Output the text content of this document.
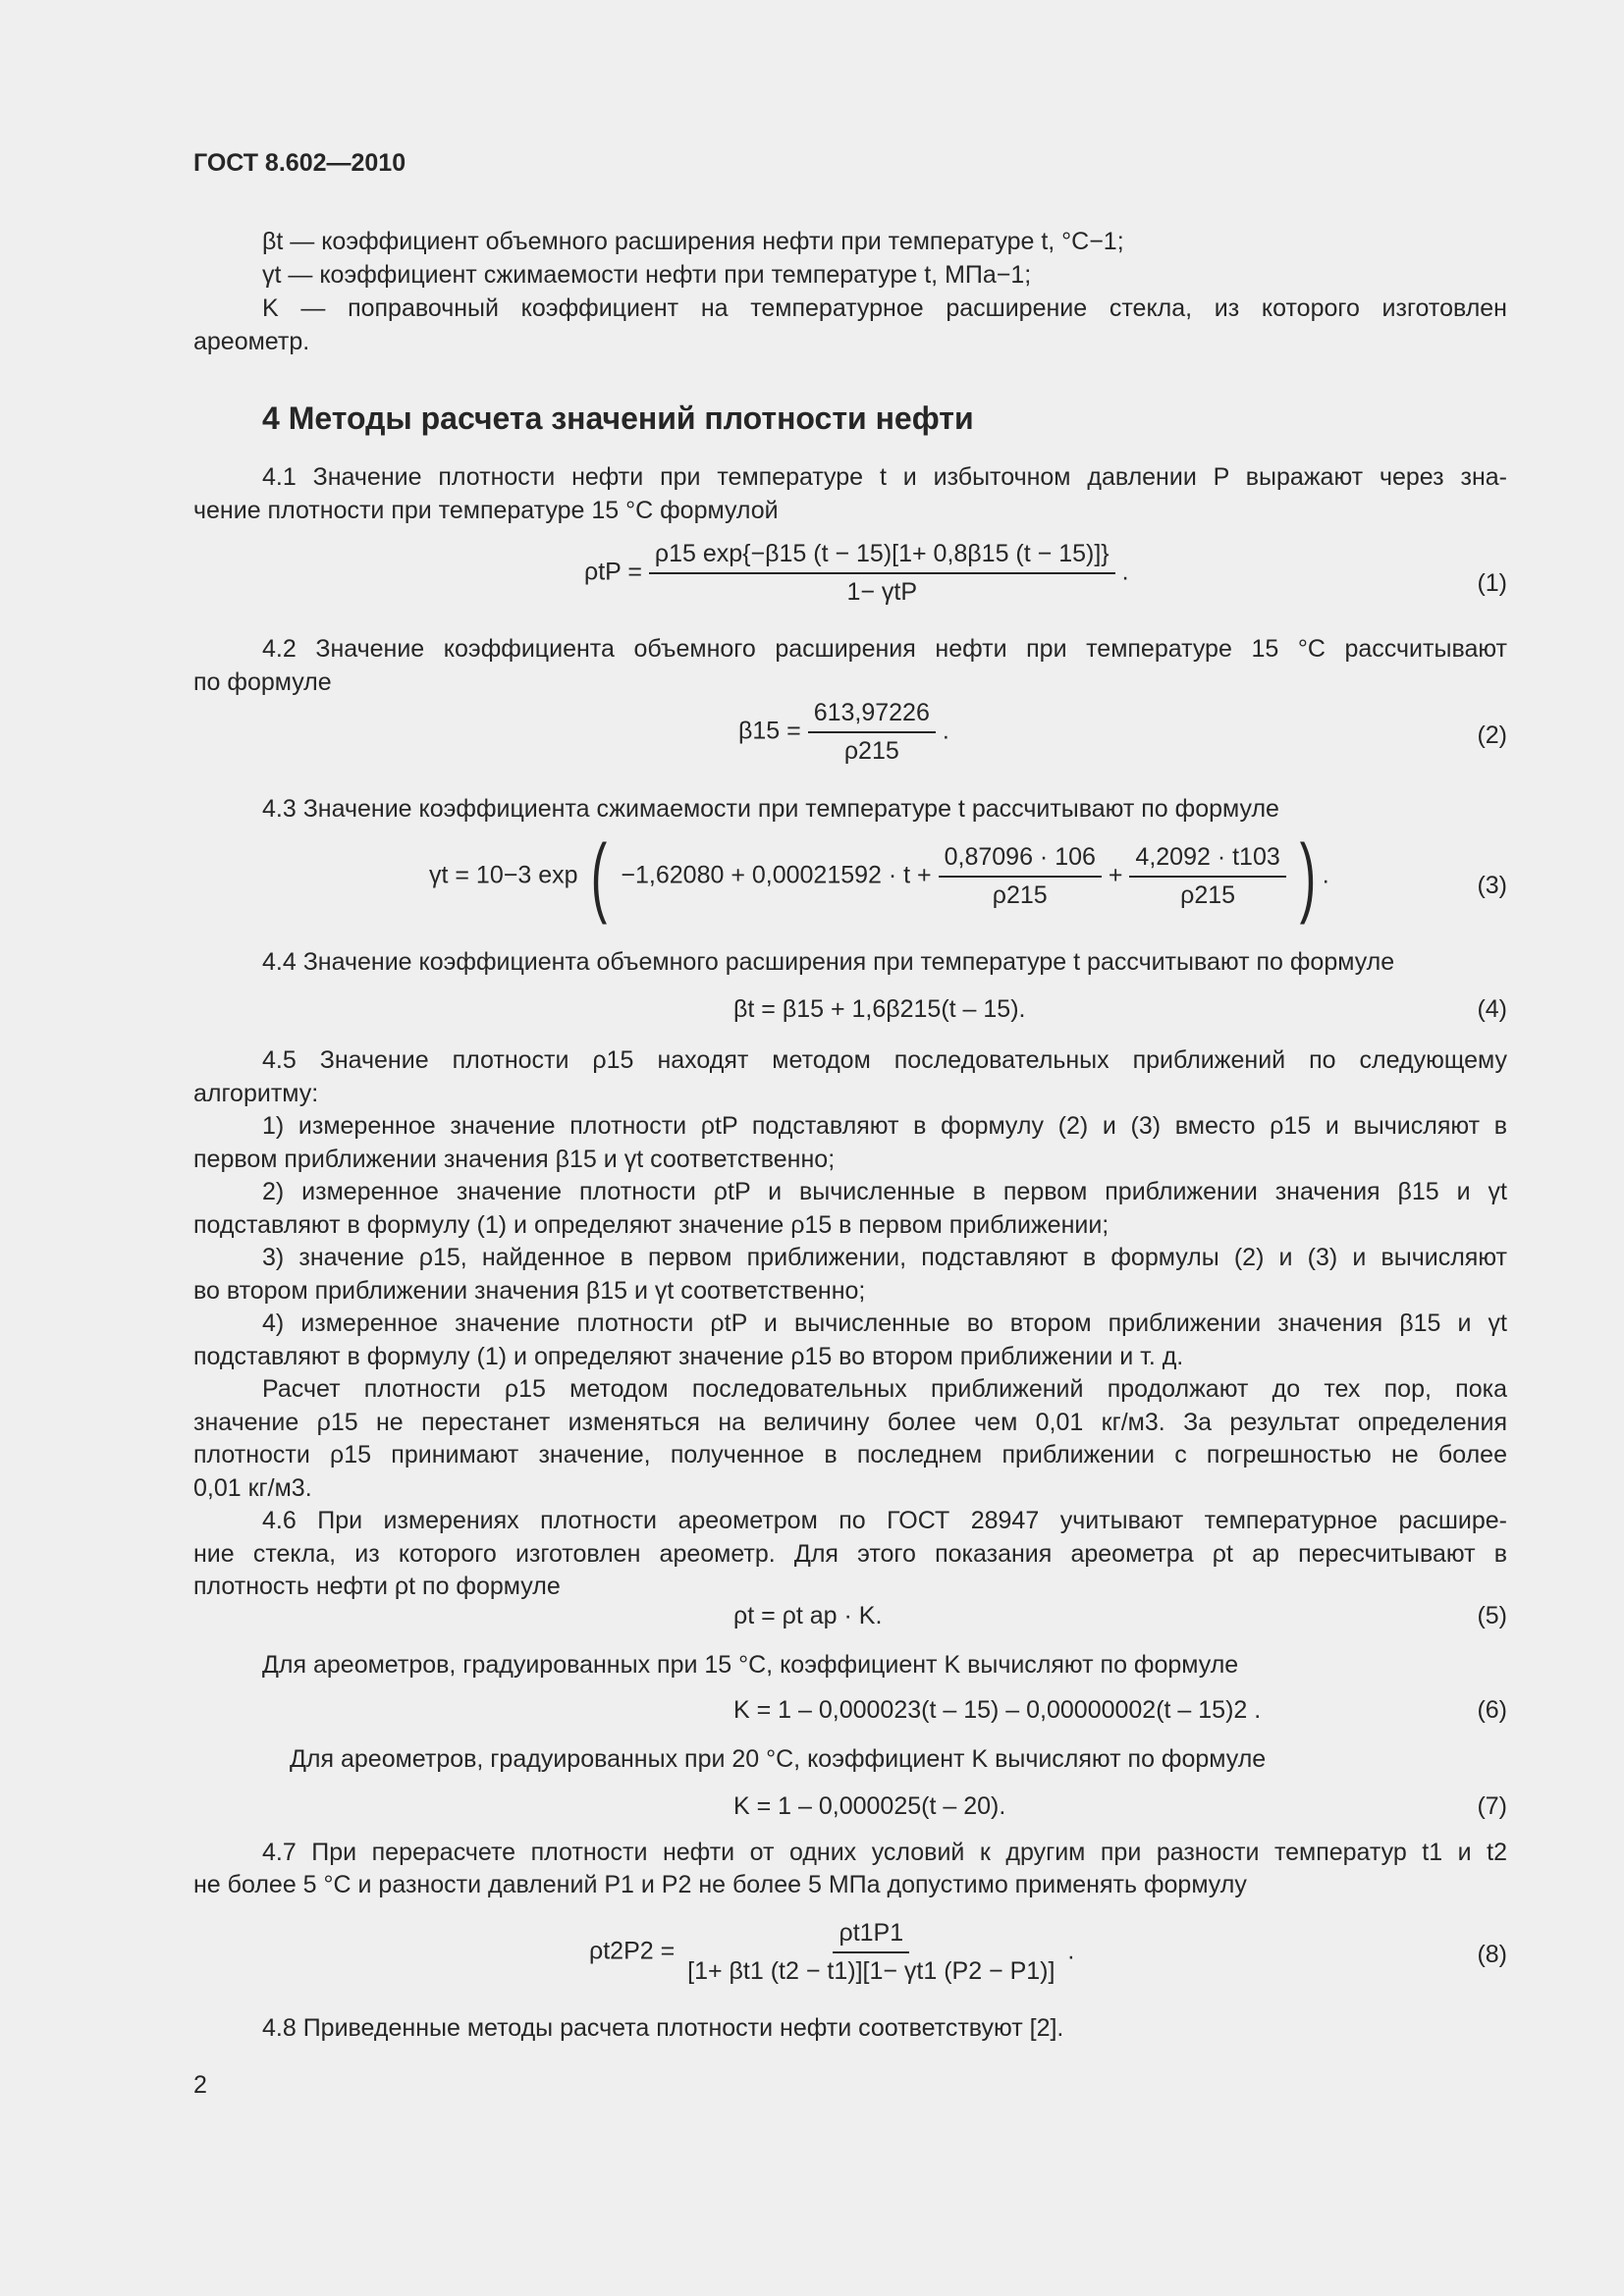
ГОСТ 8.602—2010
βt — коэффициент объемного расширения нефти при температуре t, °С−1;
γt — коэффициент сжимаемости нефти при температуре t, МПа−1;
K — поправочный коэффициент на температурное расширение стекла, из которого изготовлен
ареометр.
4 Методы расчета значений плотности нефти
4.1 Значение плотности нефти при температуре t и избыточном давлении P выражают через зна-
чение плотности при температуре 15 °С формулой
$\rho tP = \frac{\rho 15 \exp\{-\beta 15 (t - 15)[1+ 0,8\beta 15 (t - 15)]\}}{\text{1− γtP}}$ .	(1)
4.2 Значение коэффициента объемного расширения нефти при температуре 15 °С рассчитывают
по формуле
$\beta 15 = \frac{613,97226}{\rho 215}$ .	(2)
4.3 Значение коэффициента сжимаемости при температуре t рассчитывают по формуле
γt = 10−3 exp ( $-1,62080 + 0,00021592 \cdot t + \frac{0,87096 \cdot 106}{\rho 215} + \frac{4,2092 \cdot t103}{\rho 215}$ ) .	(3)
4.4 Значение коэффициента объемного расширения при температуре t рассчитывают по формуле
βt = β15 + 1,6β215(t – 15).	(4)
4.5 Значение плотности ρ15 находят методом последовательных приближений по следующему
алгоритму:
1) измеренное значение плотности ρtP подставляют в формулу (2) и (3) вместо ρ15 и вычисляют в
первом приближении значения β15 и γt соответственно;
2) измеренное значение плотности ρtP и вычисленные в первом приближении значения β15 и γt
подставляют в формулу (1) и определяют значение ρ15 в первом приближении;
3) значение ρ15, найденное в первом приближении, подставляют в формулы (2) и (3) и вычисляют
во втором приближении значения β15 и γt соответственно;
4) измеренное значение плотности ρtP и вычисленные во втором приближении значения β15 и γt
подставляют в формулу (1) и определяют значение ρ15 во втором приближении и т. д.
Расчет плотности ρ15 методом последовательных приближений продолжают до тех пор, пока
значение ρ15 не перестанет изменяться на величину более чем 0,01 кг/м3. За результат определения
плотности ρ15 принимают значение, полученное в последнем приближении с погрешностью не более
0,01 кг/м3.
4.6 При измерениях плотности ареометром по ГОСТ 28947 учитывают температурное расшире-
ние стекла, из которого изготовлен ареометр. Для этого показания ареометра ρt ар пересчитывают в
плотность нефти ρt по формуле
ρt = ρt ар · K.	(5)
Для ареометров, градуированных при 15 °С, коэффициент K вычисляют по формуле
K = 1 – 0,000023(t – 15) – 0,00000002(t – 15)2 .	(6)
Для ареометров, градуированных при 20 °С, коэффициент K вычисляют по формуле
K = 1 – 0,000025(t – 20).	(7)
4.7 При перерасчете плотности нефти от одних условий к другим при разности температур t1 и t2
не более 5 °С и разности давлений P1 и P2 не более 5 МПа допустимо применять формулу
$\rho t2P2 = \frac{\rho t1P1}{[1+ \beta t1 (t2 - t1)][1- \gamma t1 (P2 - P1)]}$ .	(8)
4.8 Приведенные методы расчета плотности нефти соответствуют [2].
2
